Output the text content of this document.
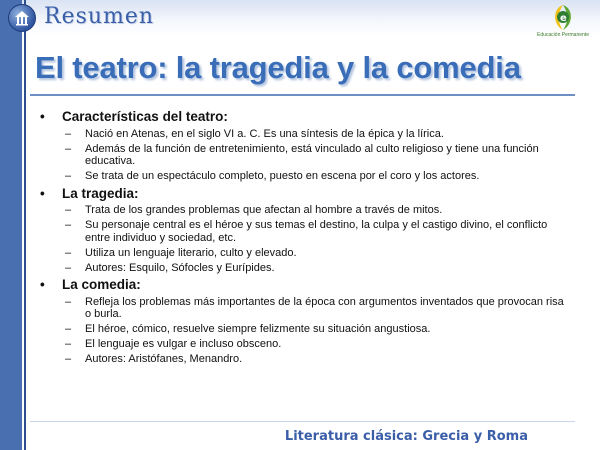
Resumen	e
Educación Permanente
El teatro: la tragedia y la comedia
• Características del teatro:
– Nació en Atenas, en el siglo VI a. C. Es una síntesis de la épica y la lírica.
– Además de la función de entretenimiento, está vinculado al culto religioso y tiene una función educativa.
– Se trata de un espectáculo completo, puesto en escena por el coro y los actores.
• La tragedia:
– Trata de los grandes problemas que afectan al hombre a través de mitos.
– Su personaje central es el héroe y sus temas el destino, la culpa y el castigo divino, el conflicto entre individuo y sociedad, etc.
– Utiliza un lenguaje literario, culto y elevado.
– Autores: Esquilo, Sófocles y Eurípides.
• La comedia:
– Refleja los problemas más importantes de la época con argumentos inventados que provocan risa o burla.
– El héroe, cómico, resuelve siempre felizmente su situación angustiosa.
– El lenguaje es vulgar e incluso obsceno.
– Autores: Aristófanes, Menandro.
Literatura clásica: Grecia y Roma
